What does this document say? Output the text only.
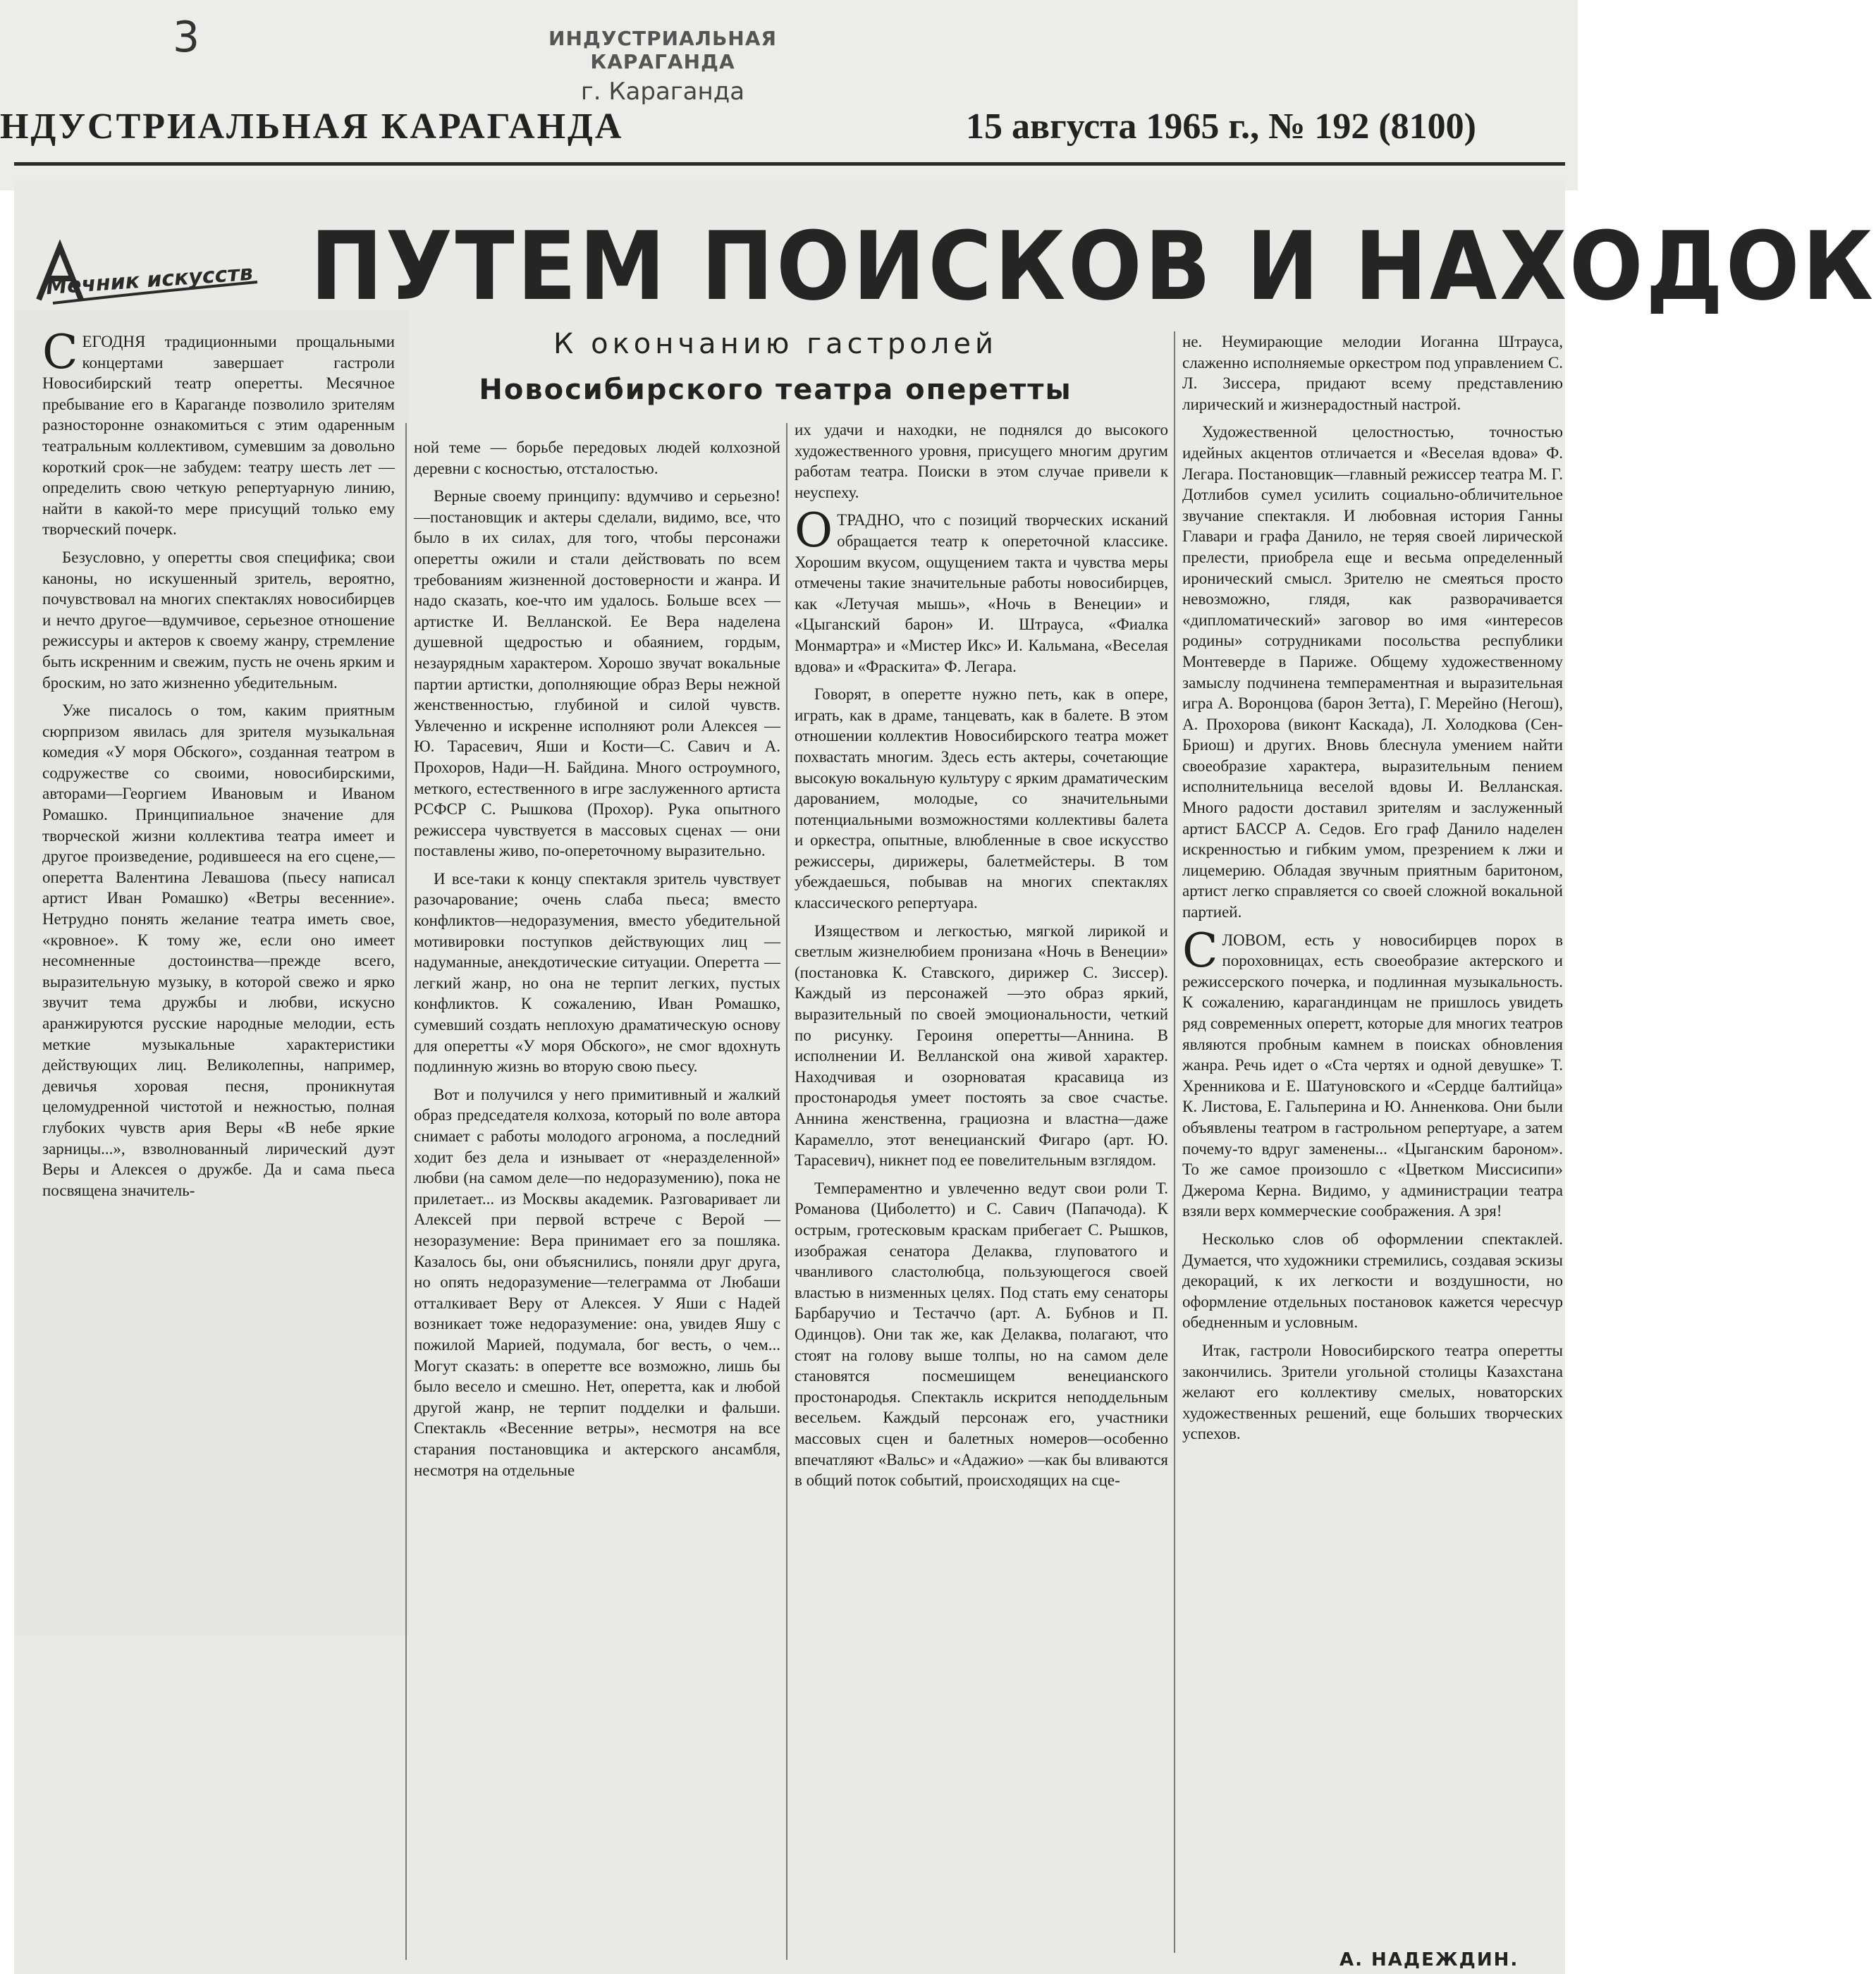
3	ИНДУСТРИАЛЬНАЯ КАРАГАНДА
г. Караганда
НДУСТРИАЛЬНАЯ КАРАГАНДА	15 августа 1965 г., № 192 (8100)
Мечник искусств ПУТЕМ ПОИСКОВ И НАХОДОК
К окончанию гастролей
Новосибирского театра оперетты

СЕГОДНЯ традиционными прощальными концертами завершает гастроли Новосибирский театр оперетты. Месячное пребывание его в Караганде позволило зрителям разносторонне ознакомиться с этим одаренным театральным коллективом, сумевшим за довольно короткий срок—не забудем: театру шесть лет — определить свою четкую репертуарную линию, найти в какой-то мере присущий только ему творческий почерк.

Безусловно, у оперетты своя специфика; свои каноны, но искушенный зритель, вероятно, почувствовал на многих спектаклях новосибирцев и нечто другое—вдумчивое, серьезное отношение режиссуры и актеров к своему жанру, стремление быть искренним и свежим, пусть не очень ярким и броским, но зато жизненно убедительным.

Уже писалось о том, каким приятным сюрпризом явилась для зрителя музыкальная комедия «У моря Обского», созданная театром в содружестве со своими, новосибирскими, авторами—Георгием Ивановым и Иваном Ромашко. Принципиальное значение для творческой жизни коллектива театра имеет и другое произведение, родившееся на его сцене,—оперетта Валентина Левашова (пьесу написал артист Иван Ромашко) «Ветры весенние». Нетрудно понять желание театра иметь свое, «кровное». К тому же, если оно имеет несомненные достоинства—прежде всего, выразительную музыку, в которой свежо и ярко звучит тема дружбы и любви, искусно аранжируются русские народные мелодии, есть меткие музыкальные характеристики действующих лиц. Великолепны, например, девичья хоровая песня, проникнутая целомудренной чистотой и нежностью, полная глубоких чувств ария Веры «В небе яркие зарницы...», взволнованный лирический дуэт Веры и Алексея о дружбе. Да и сама пьеса посвящена значитель-

ной теме — борьбе передовых людей колхозной деревни с косностью, отсталостью.

Верные своему принципу: вдумчиво и серьезно!—постановщик и актеры сделали, видимо, все, что было в их силах, для того, чтобы персонажи оперетты ожили и стали действовать по всем требованиям жизненной достоверности и жанра. И надо сказать, кое-что им удалось. Больше всех — артистке И. Велланской. Ее Вера наделена душевной щедростью и обаянием, гордым, незаурядным характером. Хорошо звучат вокальные партии артистки, дополняющие образ Веры нежной женственностью, глубиной и силой чувств. Увлеченно и искренне исполняют роли Алексея — Ю. Тарасевич, Яши и Кости—С. Савич и А. Прохоров, Нади—Н. Байдина. Много остроумного, меткого, естественного в игре заслуженного артиста РСФСР С. Рышкова (Прохор). Рука опытного режиссера чувствуется в массовых сценах — они поставлены живо, по-опереточному выразительно.

И все-таки к концу спектакля зритель чувствует разочарование; очень слаба пьеса; вместо конфликтов—недоразумения, вместо убедительной мотивировки поступков действующих лиц — надуманные, анекдотические ситуации. Оперетта — легкий жанр, но она не терпит легких, пустых конфликтов. К сожалению, Иван Ромашко, сумевший создать неплохую драматическую основу для оперетты «У моря Обского», не смог вдохнуть подлинную жизнь во вторую свою пьесу.

Вот и получился у него примитивный и жалкий образ председателя колхоза, который по воле автора снимает с работы молодого агронома, а последний ходит без дела и изнывает от «неразделенной» любви (на самом деле—по недоразумению), пока не прилетает... из Москвы академик. Разговаривает ли Алексей при первой встрече с Верой — незоразумение: Вера принимает его за пошляка. Казалось бы, они объяснились, поняли друг друга, но опять недоразумение—телеграмма от Любаши отталкивает Веру от Алексея. У Яши с Надей возникает тоже недоразумение: она, увидев Яшу с пожилой Марией, подумала, бог весть, о чем... Могут сказать: в оперетте все возможно, лишь бы было весело и смешно. Нет, оперетта, как и любой другой жанр, не терпит подделки и фальши. Спектакль «Весенние ветры», несмотря на все старания постановщика и актерского ансамбля, несмотря на отдельные

их удачи и находки, не поднялся до высокого художественного уровня, присущего многим другим работам театра. Поиски в этом случае привели к неуспеху.

ОТРАДНО, что с позиций творческих исканий обращается театр к опереточной классике. Хорошим вкусом, ощущением такта и чувства меры отмечены такие значительные работы новосибирцев, как «Летучая мышь», «Ночь в Венеции» и «Цыганский барон» И. Штрауса, «Фиалка Монмартра» и «Мистер Икс» И. Кальмана, «Веселая вдова» и «Фраскита» Ф. Легара.

Говорят, в оперетте нужно петь, как в опере, играть, как в драме, танцевать, как в балете. В этом отношении коллектив Новосибирского театра может похвастать многим. Здесь есть актеры, сочетающие высокую вокальную культуру с ярким драматическим дарованием, молодые, со значительными потенциальными возможностями коллективы балета и оркестра, опытные, влюбленные в свое искусство режиссеры, дирижеры, балетмейстеры. В том убеждаешься, побывав на многих спектаклях классического репертуара.

Изяществом и легкостью, мягкой лирикой и светлым жизнелюбием пронизана «Ночь в Венеции» (постановка К. Ставского, дирижер С. Зиссер). Каждый из персонажей —это образ яркий, выразительный по своей эмоциональности, четкий по рисунку. Героиня оперетты—Аннина. В исполнении И. Велланской она живой характер. Находчивая и озорноватая красавица из простонародья умеет постоять за свое счастье. Аннина женственна, грациозна и властна—даже Карамелло, этот венецианский Фигаро (арт. Ю. Тарасевич), никнет под ее повелительным взглядом.

Темпераментно и увлеченно ведут свои роли Т. Романова (Циболетто) и С. Савич (Папачода). К острым, гротесковым краскам прибегает С. Рышков, изображая сенатора Делаква, глуповатого и чванливого сластолюбца, пользующегося своей властью в низменных целях. Под стать ему сенаторы Барбаручио и Тестаччо (арт. А. Бубнов и П. Одинцов). Они так же, как Делаква, полагают, что стоят на голову выше толпы, но на самом деле становятся посмешищем венецианского простонародья. Спектакль искрится неподдельным весельем. Каждый персонаж его, участники массовых сцен и балетных номеров—особенно впечатляют «Вальс» и «Адажио» —как бы вливаются в общий поток событий, происходящих на сце-

не. Неумирающие мелодии Иоганна Штрауса, слаженно исполняемые оркестром под управлением С. Л. Зиссера, придают всему представлению лирический и жизнерадостный настрой.

Художественной целостностью, точностью идейных акцентов отличается и «Веселая вдова» Ф. Легара. Постановщик—главный режиссер театра М. Г. Дотлибов сумел усилить социально-обличительное звучание спектакля. И любовная история Ганны Главари и графа Данило, не теряя своей лирической прелести, приобрела еще и весьма определенный иронический смысл. Зрителю не смеяться просто невозможно, глядя, как разворачивается «дипломатический» заговор во имя «интересов родины» сотрудниками посольства республики Монтеверде в Париже. Общему художественному замыслу подчинена темпераментная и выразительная игра А. Воронцова (барон Зетта), Г. Мерейно (Негош), А. Прохорова (виконт Каскада), Л. Холодкова (Сен-Бриош) и других. Вновь блеснула умением найти своеобразие характера, выразительным пением исполнительница веселой вдовы И. Велланская. Много радости доставил зрителям и заслуженный артист БАССР А. Седов. Его граф Данило наделен искренностью и гибким умом, презрением к лжи и лицемерию. Обладая звучным приятным баритоном, артист легко справляется со своей сложной вокальной партией.

СЛОВОМ, есть у новосибирцев порох в пороховницах, есть своеобразие актерского и режиссерского почерка, и подлинная музыкальность. К сожалению, карагандинцам не пришлось увидеть ряд современных оперетт, которые для многих театров являются пробным камнем в поисках обновления жанра. Речь идет о «Ста чертях и одной девушке» Т. Хренникова и Е. Шатуновского и «Сердце балтийца» К. Листова, Е. Гальперина и Ю. Анненкова. Они были объявлены театром в гастрольном репертуаре, а затем почему-то вдруг заменены... «Цыганским бароном». То же самое произошло с «Цветком Миссисипи» Джерома Керна. Видимо, у администрации театра взяли верх коммерческие соображения. А зря!

Несколько слов об оформлении спектаклей. Думается, что художники стремились, создавая эскизы декораций, к их легкости и воздушности, но оформление отдельных постановок кажется чересчур обедненным и условным.

Итак, гастроли Новосибирского театра оперетты закончились. Зрители угольной столицы Казахстана желают его коллективу смелых, новаторских художественных решений, еще больших творческих успехов.

А. НАДЕЖДИН.
